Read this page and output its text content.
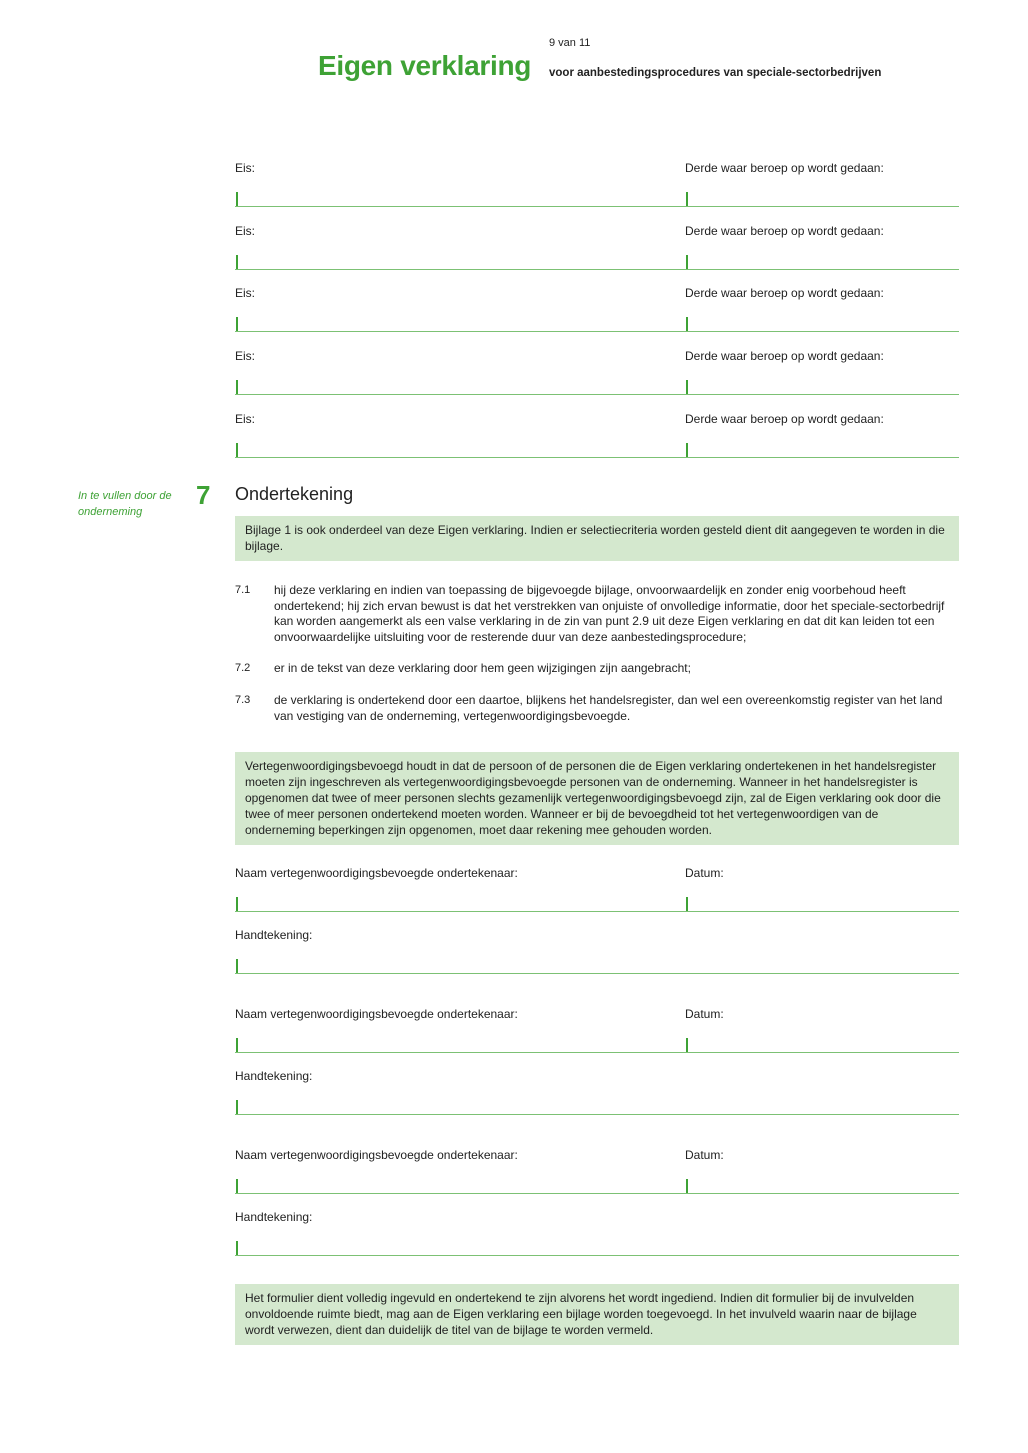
9 van 11
Eigen verklaring voor aanbestedingsprocedures van speciale-sectorbedrijven
Eis:	Derde waar beroep op wordt gedaan:
Eis:	Derde waar beroep op wordt gedaan:
Eis:	Derde waar beroep op wordt gedaan:
Eis:	Derde waar beroep op wordt gedaan:
Eis:	Derde waar beroep op wordt gedaan:
In te vullen door de onderneming
7 Ondertekening
Bijlage 1 is ook onderdeel van deze Eigen verklaring. Indien er selectiecriteria worden gesteld dient dit aangegeven te worden in die bijlage.
7.1	hij deze verklaring en indien van toepassing de bijgevoegde bijlage, onvoorwaardelijk en zonder enig voorbehoud heeft ondertekend; hij zich ervan bewust is dat het verstrekken van onjuiste of onvolledige informatie, door het speciale-sectorbedrijf kan worden aangemerkt als een valse verklaring in de zin van punt 2.9 uit deze Eigen verklaring en dat dit kan leiden tot een onvoorwaardelijke uitsluiting voor de resterende duur van deze aanbestedingsprocedure;
7.2	er in de tekst van deze verklaring door hem geen wijzigingen zijn aangebracht;
7.3	de verklaring is ondertekend door een daartoe, blijkens het handelsregister, dan wel een overeenkomstig register van het land van vestiging van de onderneming, vertegenwoordigingsbevoegde.
Vertegenwoordigingsbevoegd houdt in dat de persoon of de personen die de Eigen verklaring ondertekenen in het handelsregister moeten zijn ingeschreven als vertegenwoordigingsbevoegde personen van de onderneming. Wanneer in het handelsregister is opgenomen dat twee of meer personen slechts gezamenlijk vertegenwoordigingsbevoegd zijn, zal de Eigen verklaring ook door die twee of meer personen ondertekend moeten worden. Wanneer er bij de bevoegdheid tot het vertegenwoordigen van de onderneming beperkingen zijn opgenomen, moet daar rekening mee gehouden worden.
Naam vertegenwoordigingsbevoegde ondertekenaar:	Datum:
Handtekening:
Naam vertegenwoordigingsbevoegde ondertekenaar:	Datum:
Handtekening:
Naam vertegenwoordigingsbevoegde ondertekenaar:	Datum:
Handtekening:
Het formulier dient volledig ingevuld en ondertekend te zijn alvorens het wordt ingediend. Indien dit formulier bij de invulvelden onvoldoende ruimte biedt, mag aan de Eigen verklaring een bijlage worden toegevoegd. In het invulveld waarin naar de bijlage wordt verwezen, dient dan duidelijk de titel van de bijlage te worden vermeld.
